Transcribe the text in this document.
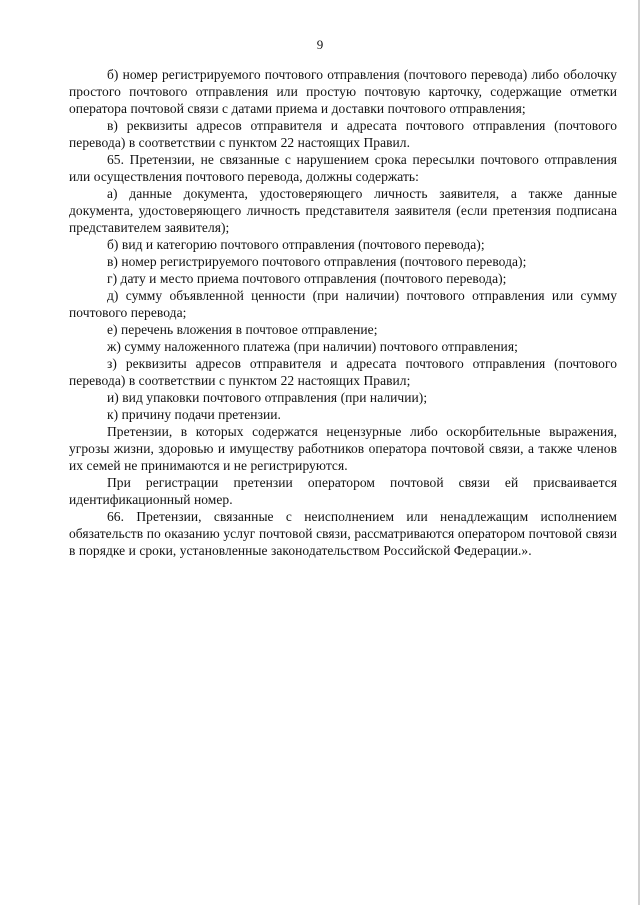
9

б) номер регистрируемого почтового отправления (почтового перевода) либо оболочку простого почтового отправления или простую почтовую карточку, содержащие отметки оператора почтовой связи с датами приема и доставки почтового отправления;

в) реквизиты адресов отправителя и адресата почтового отправления (почтового перевода) в соответствии с пунктом 22 настоящих Правил.

65. Претензии, не связанные с нарушением срока пересылки почтового отправления или осуществления почтового перевода, должны содержать:

а) данные документа, удостоверяющего личность заявителя, а также данные документа, удостоверяющего личность представителя заявителя (если претензия подписана представителем заявителя);

б) вид и категорию почтового отправления (почтового перевода);

в) номер регистрируемого почтового отправления (почтового перевода);

г) дату и место приема почтового отправления (почтового перевода);

д) сумму объявленной ценности (при наличии) почтового отправления или сумму почтового перевода;

е) перечень вложения в почтовое отправление;

ж) сумму наложенного платежа (при наличии) почтового отправления;

з) реквизиты адресов отправителя и адресата почтового отправления (почтового перевода) в соответствии с пунктом 22 настоящих Правил;

и) вид упаковки почтового отправления (при наличии);

к) причину подачи претензии.

Претензии, в которых содержатся нецензурные либо оскорбительные выражения, угрозы жизни, здоровью и имуществу работников оператора почтовой связи, а также членов их семей не принимаются и не регистрируются.

При регистрации претензии оператором почтовой связи ей присваивается идентификационный номер.

66. Претензии, связанные с неисполнением или ненадлежащим исполнением обязательств по оказанию услуг почтовой связи, рассматриваются оператором почтовой связи в порядке и сроки, установленные законодательством Российской Федерации.».
